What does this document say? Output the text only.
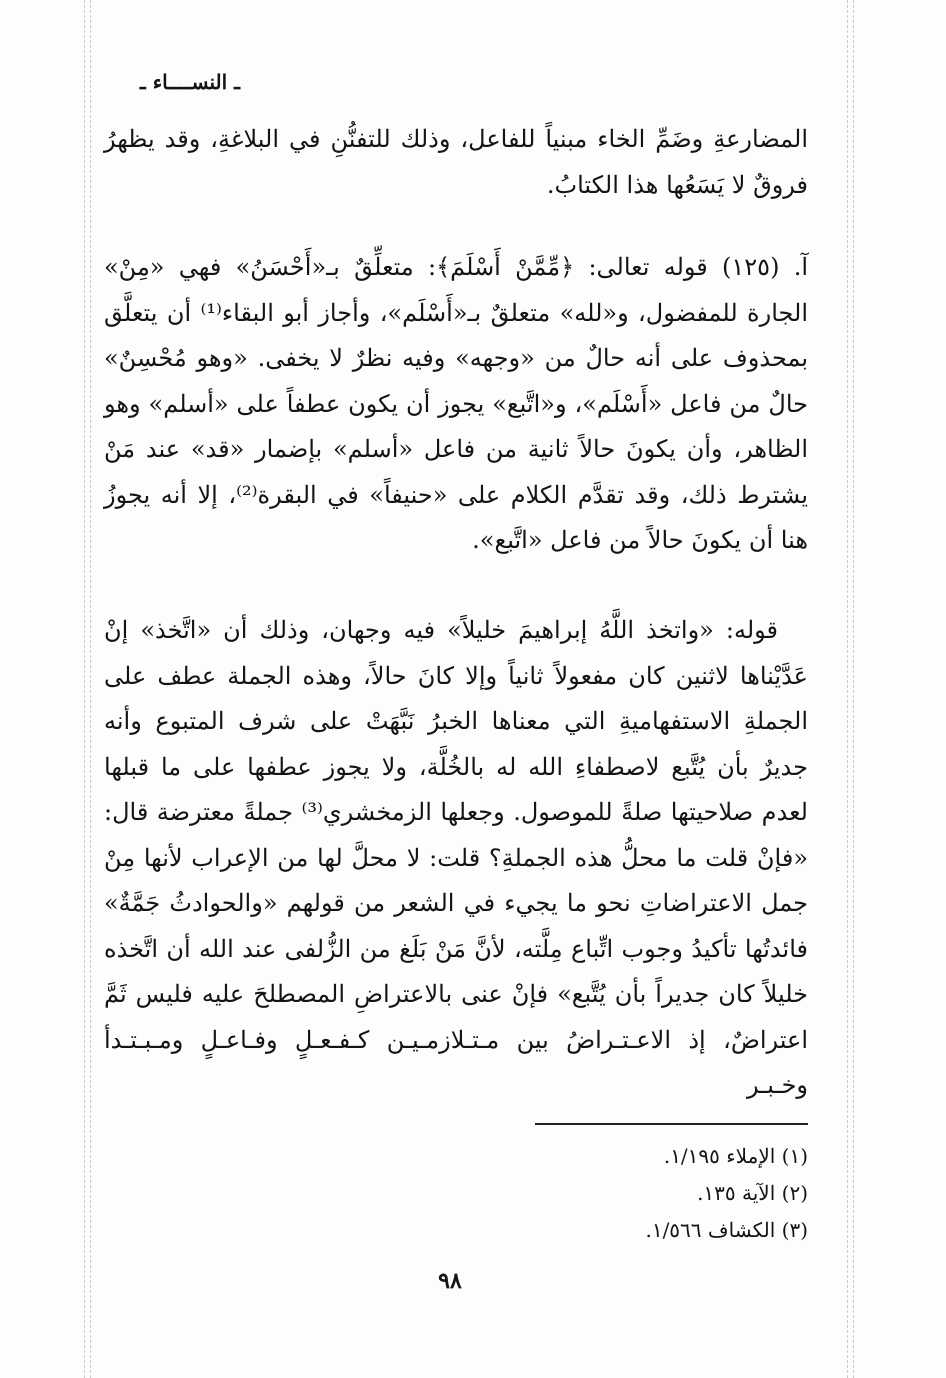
ـ النســــاء ـ

المضارعةِ وضَمِّ الخاء مبنياً للفاعل، وذلك للتفنُّنِ في البلاغةِ، وقد يظهرُ فروقٌ لا يَسَعُها هذا الكتابُ.

آ. (١٢٥) قوله تعالى: ﴿مِّمَّنْ أَسْلَمَ﴾: متعلِّقٌ بـ«أَحْسَنُ» فهي «مِنْ» الجارة للمفضول، و«لله» متعلقٌ بـ«أَسْلَم»، وأجاز أبو البقاء⁽¹⁾ أن يتعلَّق بمحذوف على أنه حالٌ من «وجهه» وفيه نظرٌ لا يخفى. «وهو مُحْسِنٌ» حالٌ من فاعل «أَسْلَم»، و«اتَّبع» يجوز أن يكون عطفاً على «أسلم» وهو الظاهر، وأن يكونَ حالاً ثانية من فاعل «أسلم» بإضمار «قد» عند مَنْ يشترط ذلك، وقد تقدَّم الكلام على «حنيفاً» في البقرة⁽²⁾، إلا أنه يجوزُ هنا أن يكونَ حالاً من فاعل «اتَّبع».

قوله: «واتخذ اللَّهُ إبراهيمَ خليلاً» فيه وجهان، وذلك أن «اتَّخذ» إنْ عَدَّيْناها لاثنين كان مفعولاً ثانياً وإلا كانَ حالاً، وهذه الجملة عطف على الجملةِ الاستفهاميةِ التي معناها الخبرُ نَبَّهَتْ على شرف المتبوع وأنه جديرٌ بأن يُتَّبع لاصطفاءِ الله له بالخُلَّة، ولا يجوز عطفها على ما قبلها لعدم صلاحيتها صلةً للموصول. وجعلها الزمخشري⁽³⁾ جملةً معترضة قال: «فإنْ قلت ما محلُّ هذه الجملةِ؟ قلت: لا محلَّ لها من الإعراب لأنها مِنْ جمل الاعتراضاتِ نحو ما يجيء في الشعر من قولهم «والحوادثُ جَمَّةٌ» فائدتُها تأكيدُ وجوب اتِّباع مِلَّته، لأنَّ مَنْ بَلَغ من الزُّلفى عند الله أن اتَّخذه خليلاً كان جديراً بأن يُتَّبع» فإنْ عنى بالاعتراضِ المصطلحَ عليه فليس ثَمَّ اعتراضٌ، إذ الاعـتـراضُ بين مـتـلازمـيـن كـفـعـلٍ وفـاعـلٍ ومـبـتـدأ وخـبـر

(١) الإملاء ١/١٩٥.
(٢) الآية ١٣٥.
(٣) الكشاف ١/٥٦٦.
٩٨
